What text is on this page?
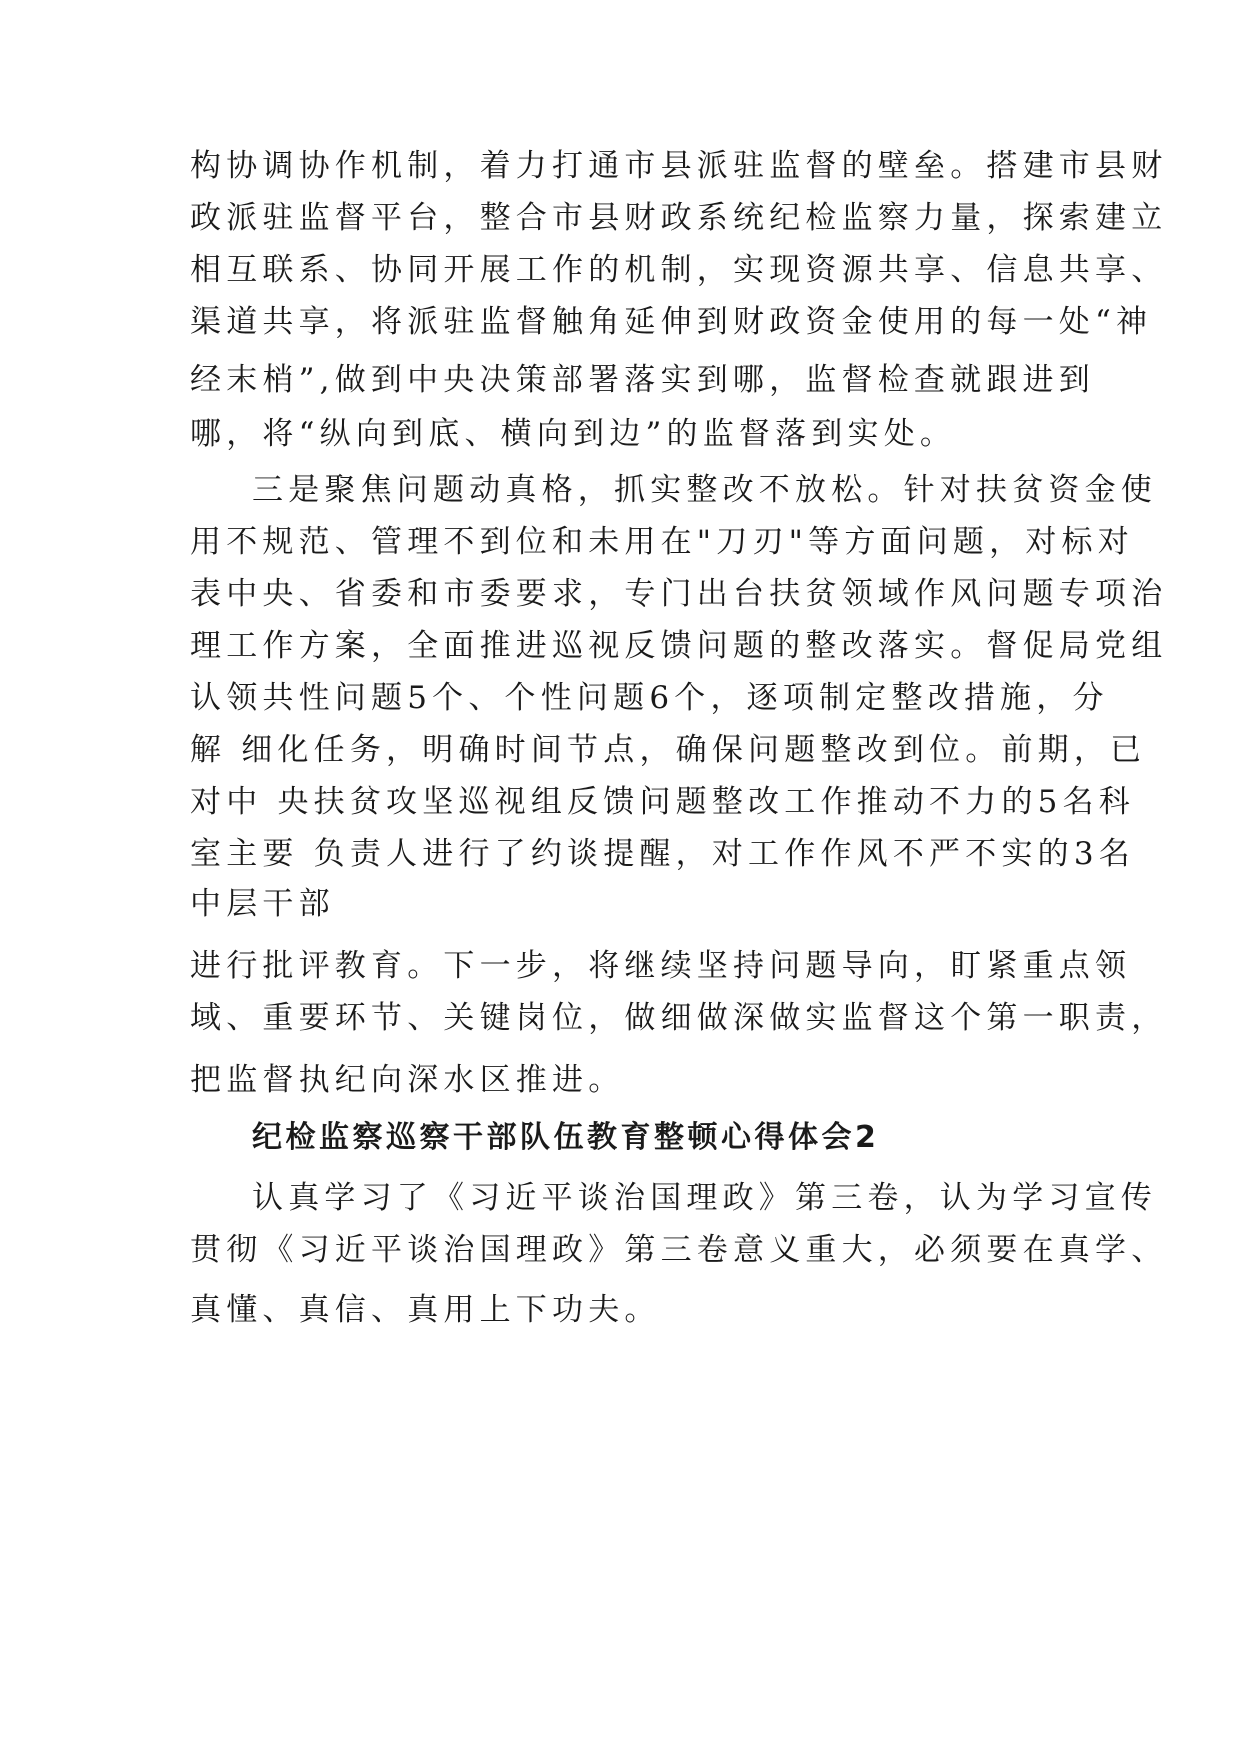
构协调协作机制，着力打通市县派驻监督的壁垒。搭建市县财
政派驻监督平台，整合市县财政系统纪检监察力量，探索建立
相互联系、协同开展工作的机制，实现资源共享、信息共享、
渠道共享，将派驻监督触角延伸到财政资金使用的每一处“神
经末梢”,做到中央决策部署落实到哪，监督检查就跟进到
哪，将“纵向到底、横向到边”的监督落到实处。
三是聚焦问题动真格，抓实整改不放松。针对扶贫资金使
用不规范、管理不到位和未用在"刀刃"等方面问题，对标对
表中央、省委和市委要求，专门出台扶贫领域作风问题专项治
理工作方案，全面推进巡视反馈问题的整改落实。督促局党组
认领共性问题5个、个性问题6个，逐项制定整改措施，分
解 细化任务，明确时间节点，确保问题整改到位。前期，已
对中 央扶贫攻坚巡视组反馈问题整改工作推动不力的5名科
室主要 负责人进行了约谈提醒，对工作作风不严不实的3名
中层干部
进行批评教育。下一步，将继续坚持问题导向，盯紧重点领
域、重要环节、关键岗位，做细做深做实监督这个第一职责，
把监督执纪向深水区推进。
纪检监察巡察干部队伍教育整顿心得体会2
认真学习了《习近平谈治国理政》第三卷，认为学习宣传
贯彻《习近平谈治国理政》第三卷意义重大，必须要在真学、
真懂、真信、真用上下功夫。
